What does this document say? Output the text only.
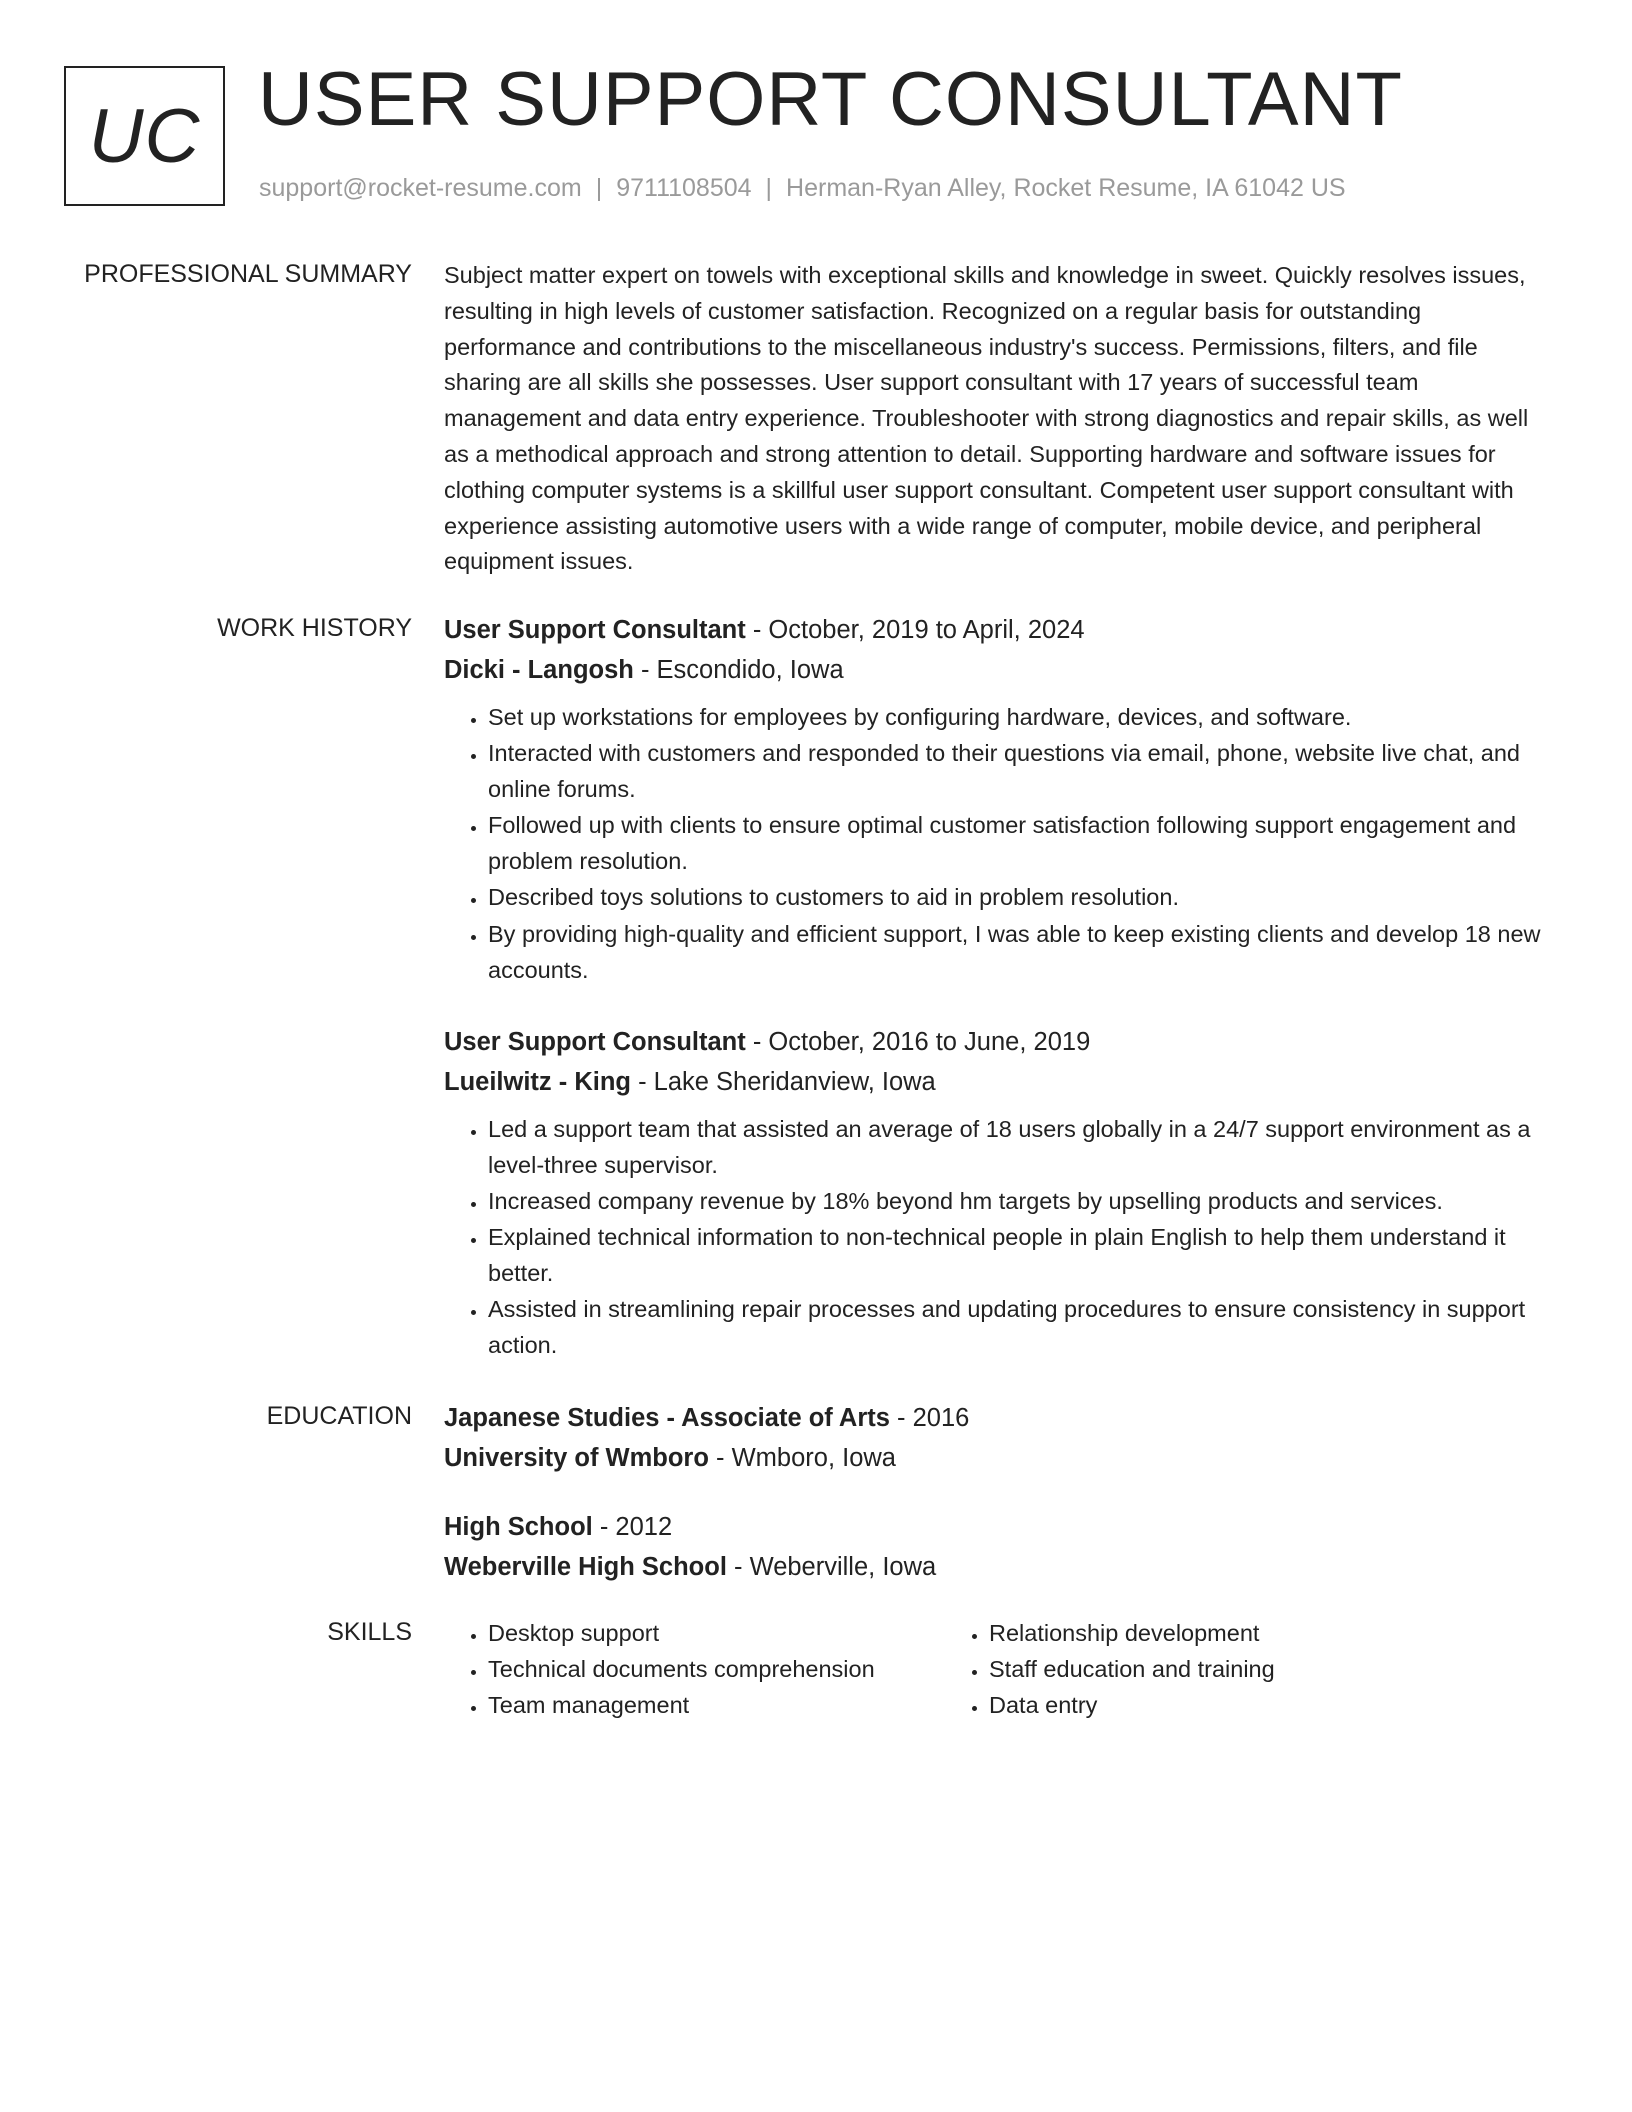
UC USER SUPPORT CONSULTANT
support@rocket-resume.com | 9711108504 | Herman-Ryan Alley, Rocket Resume, IA 61042 US
PROFESSIONAL SUMMARY Subject matter expert on towels with exceptional skills and knowledge in sweet. Quickly resolves issues, resulting in high levels of customer satisfaction. Recognized on a regular basis for outstanding performance and contributions to the miscellaneous industry's success. Permissions, filters, and file sharing are all skills she possesses. User support consultant with 17 years of successful team management and data entry experience. Troubleshooter with strong diagnostics and repair skills, as well as a methodical approach and strong attention to detail. Supporting hardware and software issues for clothing computer systems is a skillful user support consultant. Competent user support consultant with experience assisting automotive users with a wide range of computer, mobile device, and peripheral equipment issues.

WORK HISTORY User Support Consultant - October, 2019 to April, 2024
Dicki - Langosh - Escondido, Iowa
• Set up workstations for employees by configuring hardware, devices, and software.
• Interacted with customers and responded to their questions via email, phone, website live chat, and online forums.
• Followed up with clients to ensure optimal customer satisfaction following support engagement and problem resolution.
• Described toys solutions to customers to aid in problem resolution.
• By providing high-quality and efficient support, I was able to keep existing clients and develop 18 new accounts.
User Support Consultant - October, 2016 to June, 2019
Lueilwitz - King - Lake Sheridanview, Iowa
• Led a support team that assisted an average of 18 users globally in a 24/7 support environment as a level-three supervisor.
• Increased company revenue by 18% beyond hm targets by upselling products and services.
• Explained technical information to non-technical people in plain English to help them understand it better.
• Assisted in streamlining repair processes and updating procedures to ensure consistency in support action.
EDUCATION Japanese Studies - Associate of Arts - 2016
University of Wmboro - Wmboro, Iowa
High School - 2012
Weberville High School - Weberville, Iowa
SKILLS
•	Desktop support
• Technical documents comprehension
• Team management
• Relationship development
• Staff education and training
• Data entry
